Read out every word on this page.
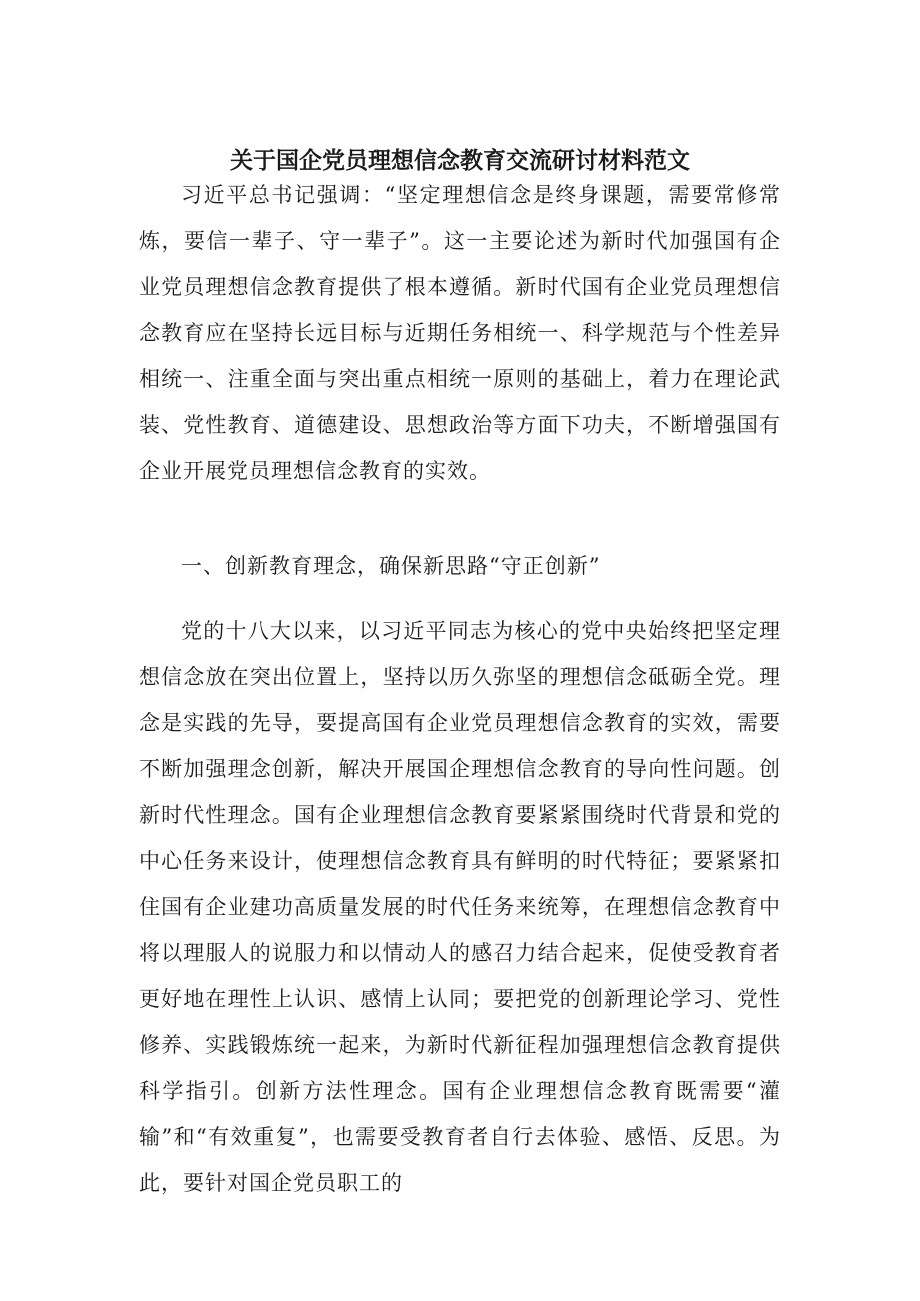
关于国企党员理想信念教育交流研讨材料范文

习近平总书记强调：“坚定理想信念是终身课题，需要常修常炼，要信一辈子、守一辈子”。这一主要论述为新时代加强国有企业党员理想信念教育提供了根本遵循。新时代国有企业党员理想信念教育应在坚持长远目标与近期任务相统一、科学规范与个性差异相统一、注重全面与突出重点相统一原则的基础上，着力在理论武装、党性教育、道德建设、思想政治等方面下功夫，不断增强国有企业开展党员理想信念教育的实效。

一、创新教育理念，确保新思路“守正创新”

党的十八大以来，以习近平同志为核心的党中央始终把坚定理想信念放在突出位置上，坚持以历久弥坚的理想信念砥砺全党。理念是实践的先导，要提高国有企业党员理想信念教育的实效，需要不断加强理念创新，解决开展国企理想信念教育的导向性问题。创新时代性理念。国有企业理想信念教育要紧紧围绕时代背景和党的中心任务来设计，使理想信念教育具有鲜明的时代特征；要紧紧扣住国有企业建功高质量发展的时代任务来统筹，在理想信念教育中将以理服人的说服力和以情动人的感召力结合起来，促使受教育者更好地在理性上认识、感情上认同；要把党的创新理论学习、党性修养、实践锻炼统一起来，为新时代新征程加强理想信念教育提供科学指引。创新方法性理念。国有企业理想信念教育既需要“灌输”和“有效重复”，也需要受教育者自行去体验、感悟、反思。为此，要针对国企党员职工的
